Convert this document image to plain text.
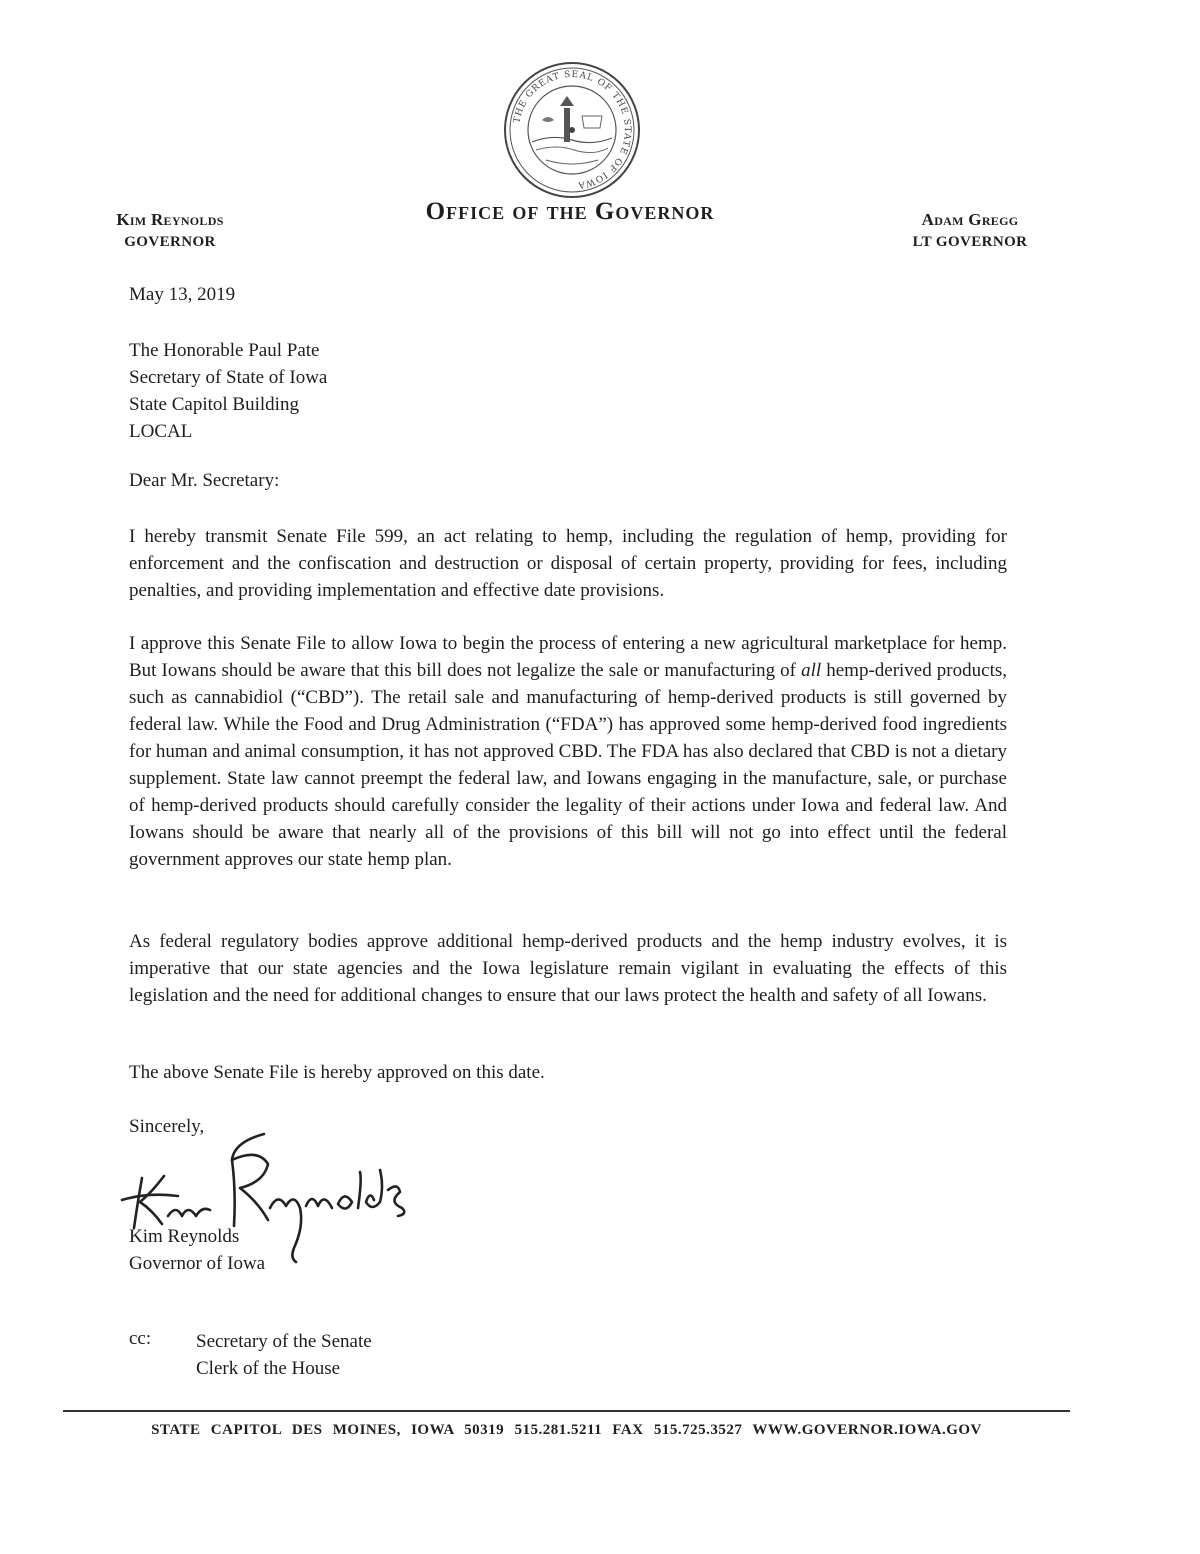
THE GREAT SEAL OF THE STATE OF IOWA
Kim Reynolds
GOVERNOR
Office of the Governor	Adam Gregg
LT GOVERNOR
May 13, 2019
The Honorable Paul Pate
Secretary of State of Iowa
State Capitol Building
LOCAL
Dear Mr. Secretary:

I hereby transmit Senate File 599, an act relating to hemp, including the regulation of hemp, providing for enforcement and the confiscation and destruction or disposal of certain property, providing for fees, including penalties, and providing implementation and effective date provisions.

I approve this Senate File to allow Iowa to begin the process of entering a new agricultural marketplace for hemp. But Iowans should be aware that this bill does not legalize the sale or manufacturing of all hemp-derived products, such as cannabidiol (“CBD”). The retail sale and manufacturing of hemp-derived products is still governed by federal law. While the Food and Drug Administration (“FDA”) has approved some hemp-derived food ingredients for human and animal consumption, it has not approved CBD. The FDA has also declared that CBD is not a dietary supplement. State law cannot preempt the federal law, and Iowans engaging in the manufacture, sale, or purchase of hemp-derived products should carefully consider the legality of their actions under Iowa and federal law. And Iowans should be aware that nearly all of the provisions of this bill will not go into effect until the federal government approves our state hemp plan.

As federal regulatory bodies approve additional hemp-derived products and the hemp industry evolves, it is imperative that our state agencies and the Iowa legislature remain vigilant in evaluating the effects of this legislation and the need for additional changes to ensure that our laws protect the health and safety of all Iowans.

The above Senate File is hereby approved on this date.
Sincerely,
Kim Reynolds
Governor of Iowa
cc: Secretary of the Senate
Clerk of the House
STATE CAPITOL DES MOINES, IOWA 50319 515.281.5211 FAX 515.725.3527 WWW.GOVERNOR.IOWA.GOV
